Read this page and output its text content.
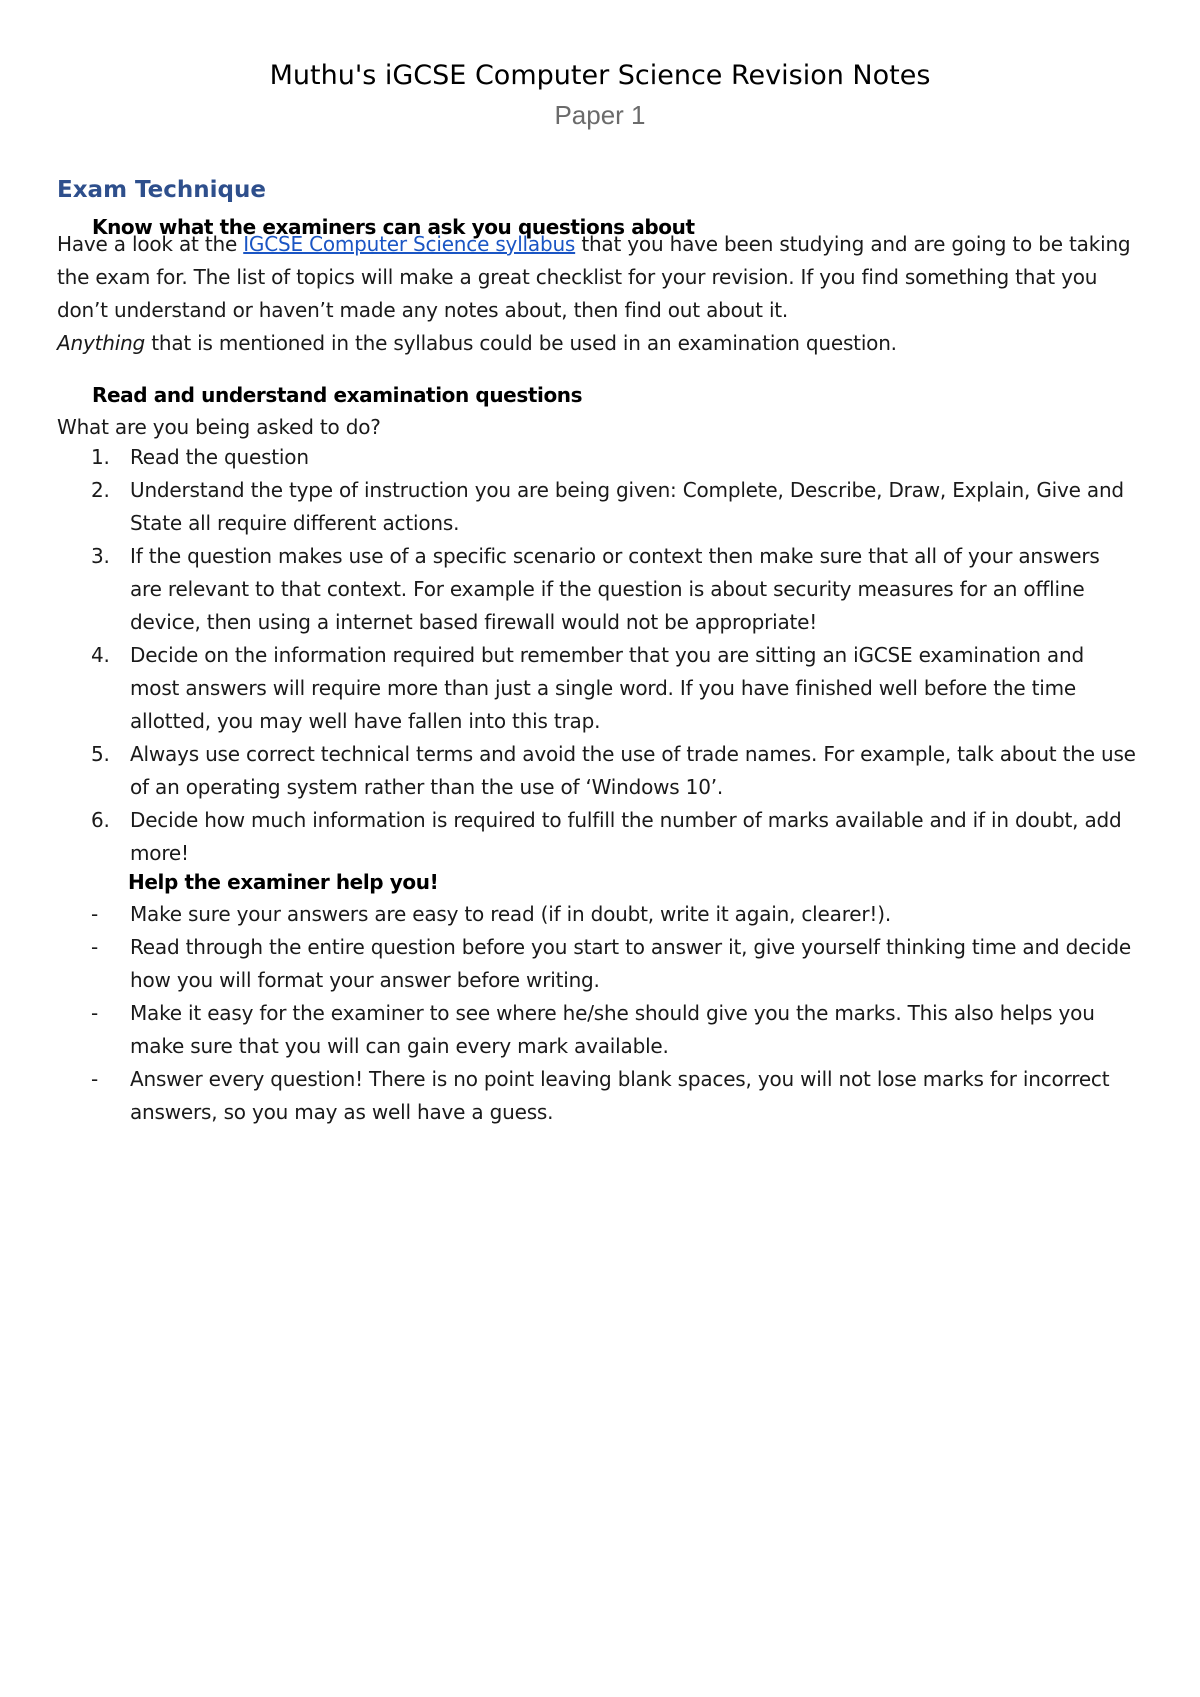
Muthu's iGCSE Computer Science Revision Notes
Paper 1
Exam Technique
Know what the examiners can ask you questions about
Have a look at the IGCSE Computer Science syllabus that you have been studying and are going to be taking the exam for. The list of topics will make a great checklist for your revision. If you find something that you don’t understand or haven’t made any notes about, then find out about it.
Anything that is mentioned in the syllabus could be used in an examination question.
Read and understand examination questions
What are you being asked to do?
1.	Read the question
2.	Understand the type of instruction you are being given: Complete, Describe, Draw, Explain, Give and State all require different actions.
3.	If the question makes use of a specific scenario or context then make sure that all of your answers are relevant to that context. For example if the question is about security measures for an offline device, then using a internet based firewall would not be appropriate!
4.	Decide on the information required but remember that you are sitting an iGCSE examination and most answers will require more than just a single word. If you have finished well before the time allotted, you may well have fallen into this trap.
5.	Always use correct technical terms and avoid the use of trade names. For example, talk about the use of an operating system rather than the use of ‘Windows 10’.
6.	Decide how much information is required to fulfill the number of marks available and if in doubt, add more!
Help the examiner help you!
-	Make sure your answers are easy to read (if in doubt, write it again, clearer!).
-	Read through the entire question before you start to answer it, give yourself thinking time and decide how you will format your answer before writing.
-	Make it easy for the examiner to see where he/she should give you the marks. This also helps you make sure that you will can gain every mark available.
-	Answer every question! There is no point leaving blank spaces, you will not lose marks for incorrect answers, so you may as well have a guess.
